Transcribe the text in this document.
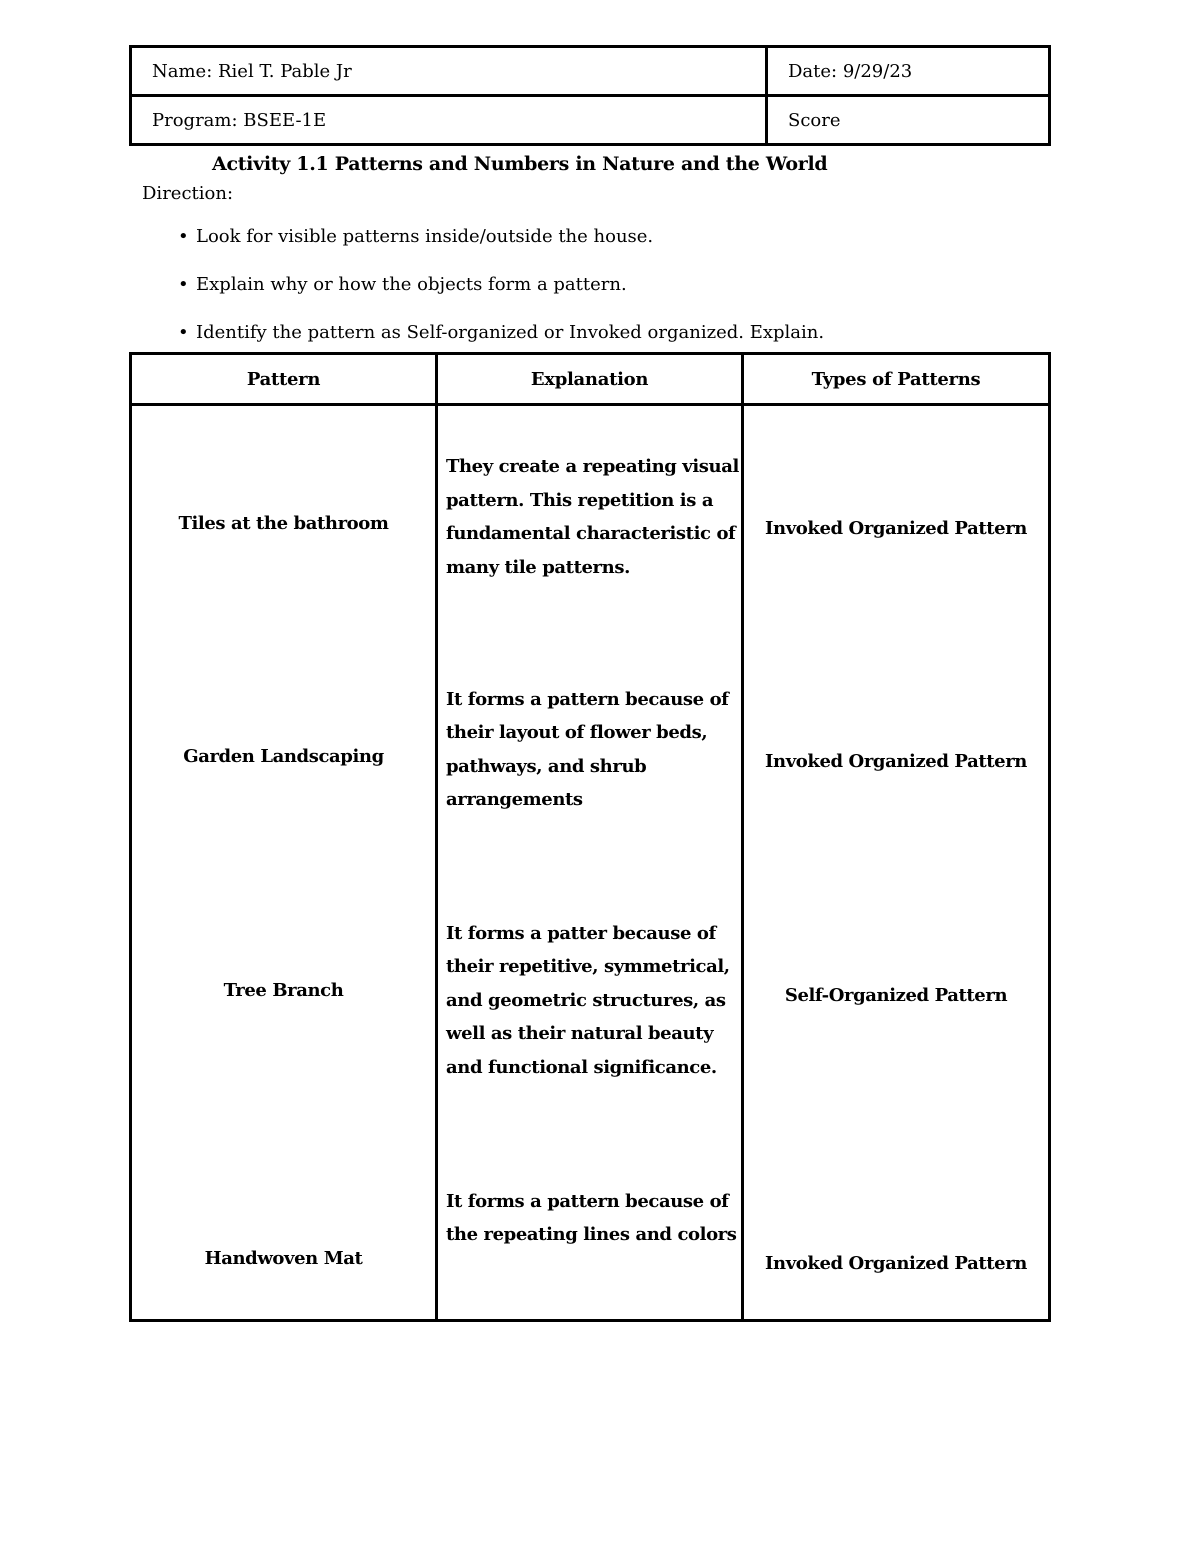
Name: Riel T. Pable Jr	Date: 9/29/23
Program: BSEE-1E	Score
Activity 1.1 Patterns and Numbers in Nature and the World
Direction:
• Look for visible patterns inside/outside the house.
• Explain why or how the objects form a pattern.
• Identify the pattern as Self-organized or Invoked organized. Explain.
Pattern	Explanation	Types of Patterns

Tiles at the bathroom	They create a repeating visual
pattern. This repetition is a
fundamental characteristic of
many tile patterns.	Invoked Organized Pattern

Garden Landscaping	It forms a pattern because of
their layout of flower beds,
pathways, and shrub
arrangements	Invoked Organized Pattern

Tree Branch	It forms a patter because of
their repetitive, symmetrical,
and geometric structures, as
well as their natural beauty
and functional significance.	Self-Organized Pattern

Handwoven Mat	It forms a pattern because of
the repeating lines and colors	Invoked Organized Pattern
